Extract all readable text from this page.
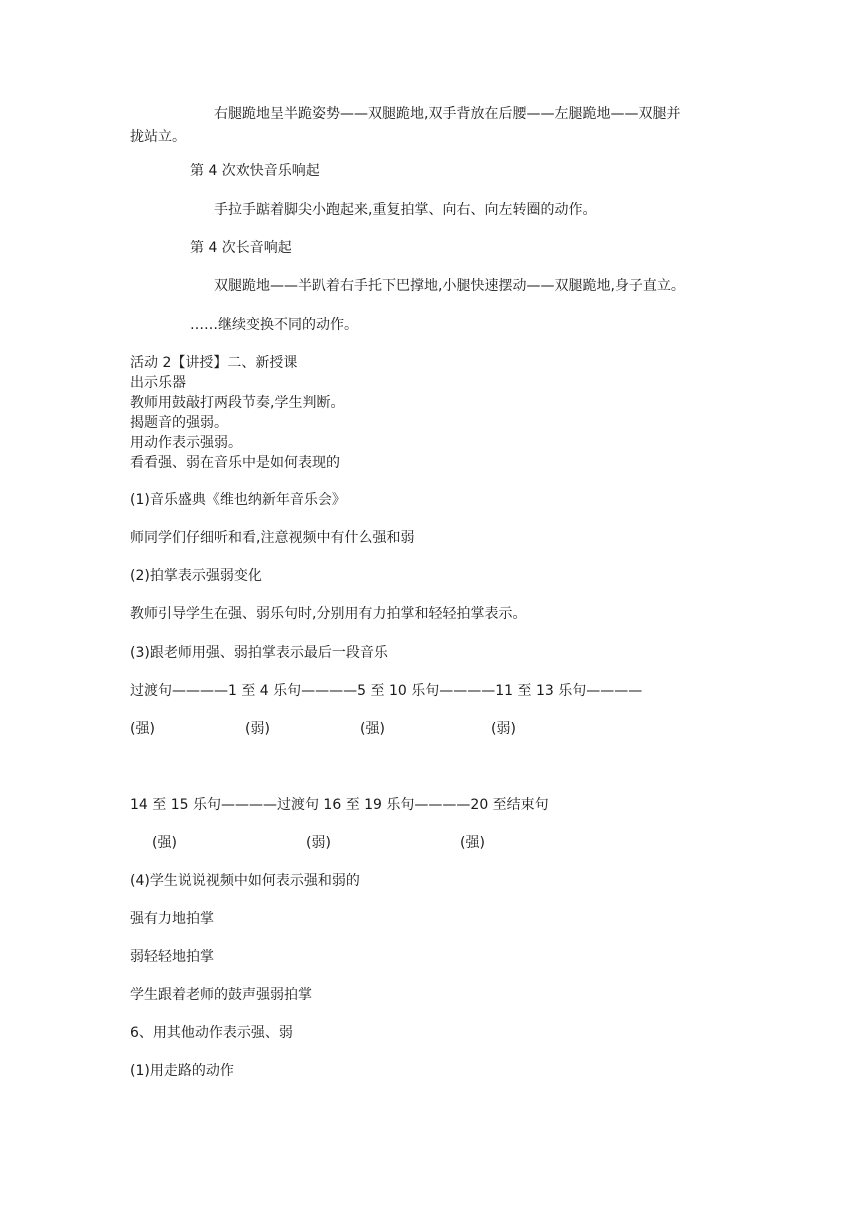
右腿跪地呈半跪姿势——双腿跪地,双手背放在后腰——左腿跪地——双腿并
拢站立。
第 4 次欢快音乐响起
手拉手踮着脚尖小跑起来,重复拍掌、向右、向左转圈的动作。
第 4 次长音响起
双腿跪地——半趴着右手托下巴撑地,小腿快速摆动——双腿跪地,身子直立。
……继续变换不同的动作。
活动 2【讲授】二、新授课
出示乐器
教师用鼓敲打两段节奏,学生判断。
揭题音的强弱。
用动作表示强弱。
看看强、弱在音乐中是如何表现的
(1)音乐盛典《维也纳新年音乐会》
师同学们仔细听和看,注意视频中有什么强和弱
(2)拍掌表示强弱变化
教师引导学生在强、弱乐句时,分别用有力拍掌和轻轻拍掌表示。
(3)跟老师用强、弱拍掌表示最后一段音乐
过渡句————1 至 4 乐句————5 至 10 乐句————11 至 13 乐句————
(强)	(弱)	(强)	(弱)
14 至 15 乐句————过渡句 16 至 19 乐句————20 至结束句
(强)	(弱)	(强)
(4)学生说说视频中如何表示强和弱的
强有力地拍掌
弱轻轻地拍掌
学生跟着老师的鼓声强弱拍掌
6、用其他动作表示强、弱
(1)用走路的动作
